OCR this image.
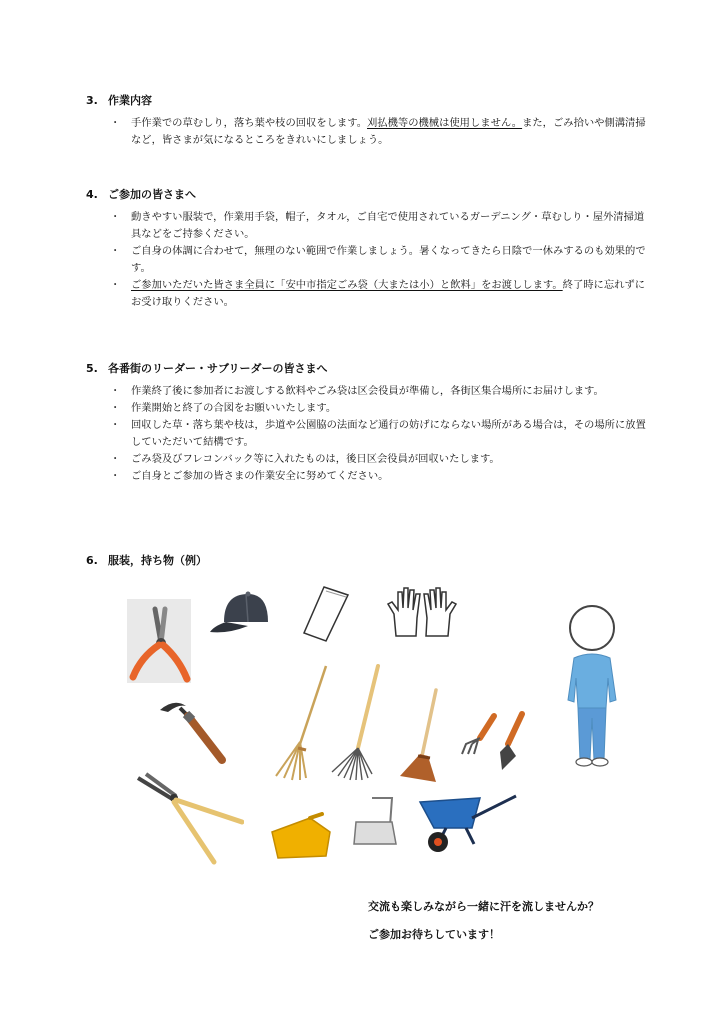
3. 作業内容
・ 手作業での草むしり，落ち葉や枝の回収をします。刈払機等の機械は使用しません。また，ごみ拾いや側溝清掃など，皆さまが気になるところをきれいにしましょう。
4. ご参加の皆さまへ
・ 動きやすい服装で，作業用手袋，帽子，タオル，ご自宅で使用されているガーデニング・草むしり・屋外清掃道具などをご持参ください。
・ ご自身の体調に合わせて，無理のない範囲で作業しましょう。暑くなってきたら日陰で一休みするのも効果的です。
・ ご参加いただいた皆さま全員に「安中市指定ごみ袋（大または小）と飲料」をお渡しします。終了時に忘れずにお受け取りください。
5. 各番街のリーダー・サブリーダーの皆さまへ
・ 作業終了後に参加者にお渡しする飲料やごみ袋は区会役員が準備し，各街区集合場所にお届けします。
・ 作業開始と終了の合図をお願いいたします。
・ 回収した草・落ち葉や枝は，歩道や公園脇の法面など通行の妨げにならない場所がある場合は，その場所に放置していただいて結構です。
・ ごみ袋及びフレコンバック等に入れたものは，後日区会役員が回収いたします。
・ ご自身とご参加の皆さまの作業安全に努めてください。
6. 服装，持ち物（例）
交流も楽しみながら一緒に汗を流しませんか？
ご参加お待ちしています！
